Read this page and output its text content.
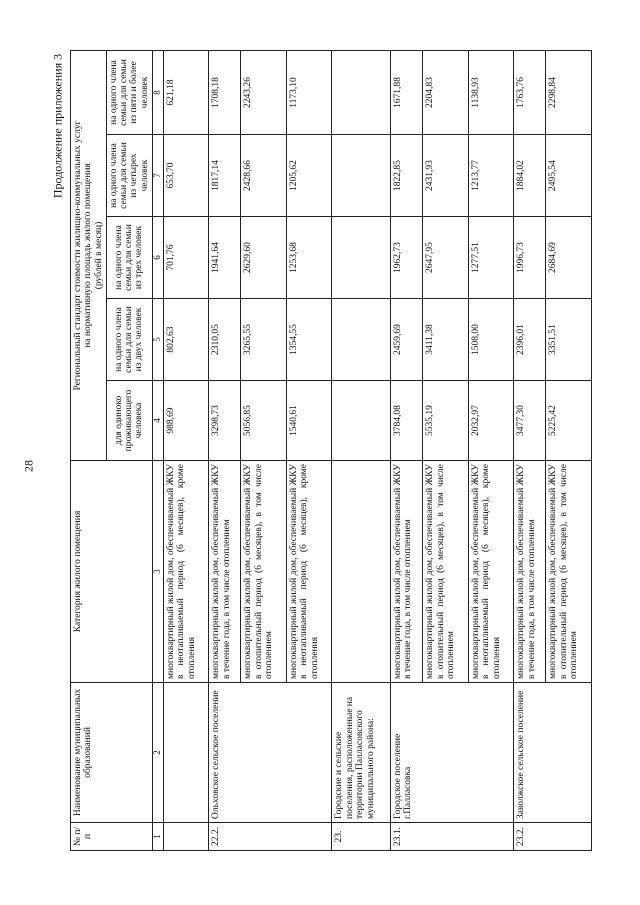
28
Продолжение приложения 3
№ п/п	Наименование муниципальных образований	Категория жилого помещения	Региональный стандарт стоимости жилищно-коммунальных услуг на нормативную площадь жилого помещения (рублей в месяц)				

			для одиноко проживающего человека	на одного члена семьи для семьи из двух человек	на одного члена семьи для семьи из трех человек	на одного члена семьи для семьи из четырех человек	на одного члена семьи для семьи из пяти и более человек
1	2	3	4	5	6	7	8
		многоквартирный жилой дом, обеспечиваемый ЖКУ в неотапливаемый период (6 месяцев), кроме отопления	988,69	802,63	701,76	653,70	621,18
22.2.	Ольховское сельское поселение	многоквартирный жилой дом, обеспечиваемый ЖКУ в течение года, в том числе отоплением	3298,73	2310,05	1941,64	1817,14	1708,18
		многоквартирный жилой дом, обеспечиваемый ЖКУ в отопительный период (6 месяцев), в том числе отоплением	5056,85	3265,55	2629,60	2428,66	2243,26
		многоквартирный жилой дом, обеспечиваемый ЖКУ в неотапливаемый период (6 месяцев), кроме отопления	1540,61	1354,55	1253,68	1205,62	1173,10
23.	Городские и сельские поселения, расположенные на территории Палласовского муниципального района:						
23.1.	Городское поселение г.Палласовка	многоквартирный жилой дом, обеспечиваемый ЖКУ в течение года, в том числе отоплением	3784,08	2459,69	1962,73	1822,85	1671,88
		многоквартирный жилой дом, обеспечиваемый ЖКУ в отопительный период (6 месяцев), в том числе отоплением	5535,19	3411,38	2647,95	2431,93	2204,83
		многоквартирный жилой дом, обеспечиваемый ЖКУ в неотапливаемый период (6 месяцев), кроме отопления	2032,97	1508,00	1277,51	1213,77	1138,93
23.2.	Заволжское сельское поселение	многоквартирный жилой дом, обеспечиваемый ЖКУ в течение года, в том числе отоплением	3477,30	2396,01	1996,73	1884,02	1763,76
		многоквартирный жилой дом, обеспечиваемый ЖКУ в отопительный период (6 месяцев), в том числе отоплением	5225,42	3351,51	2684,69	2495,54	2298,84
